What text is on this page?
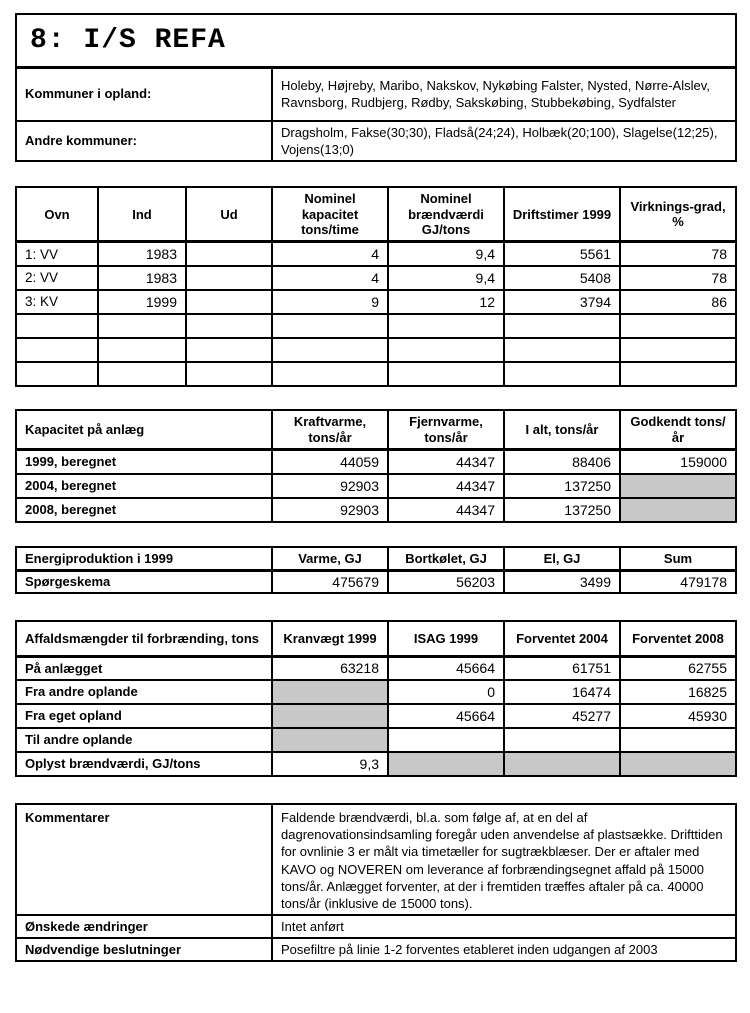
8: I/S REFA	
Kommuner i opland:	Holeby, Højreby, Maribo, Nakskov, Nykøbing Falster, Nysted, Nørre-Alslev, Ravnsborg, Rudbjerg, Rødby, Sakskøbing, Stubbekøbing, Sydfalster
Andre kommuner:	Dragsholm, Fakse(30;30), Fladså(24;24), Holbæk(20;100), Slagelse(12;25), Vojens(13;0)
Ovn	Ind	Ud	Nominel kapacitet tons/time	Nominel brændværdi GJ/tons	Driftstimer 1999	Virknings-grad, %
1: VV	1983		4	9,4	5561	78
2: VV	1983		4	9,4	5408	78
3: KV	1999		9	12	3794	86

Kapacitet på anlæg	Kraftvarme, tons/år	Fjernvarme, tons/år	I alt, tons/år	Godkendt tons/år
1999, beregnet	44059	44347	88406	159000
2004, beregnet	92903	44347	137250	
2008, beregnet	92903	44347	137250	
Energiproduktion i 1999	Varme, GJ	Bortkølet, GJ	El, GJ	Sum
Spørgeskema	475679	56203	3499	479178
Affaldsmængder til forbrænding, tons	Kranvægt 1999	ISAG 1999	Forventet 2004	Forventet 2008
På anlægget	63218	45664	61751	62755
Fra andre oplande		0	16474	16825
Fra eget opland		45664	45277	45930
Til andre oplande				
Oplyst brændværdi, GJ/tons	9,3			
Kommentarer	Faldende brændværdi, bl.a. som følge af, at en del af dagrenovationsindsamling foregår uden anvendelse af plastsække. Drifttiden for ovnlinie 3 er målt via timetæller for sugtrækblæser. Der er aftaler med KAVO og NOVEREN om leverance af forbrændingsegnet affald på 15000 tons/år. Anlægget forventer, at der i fremtiden træffes aftaler på ca. 40000 tons/år (inklusive de 15000 tons).
Ønskede ændringer	Intet anført
Nødvendige beslutninger	Posefiltre på linie 1-2 forventes etableret inden udgangen af 2003
